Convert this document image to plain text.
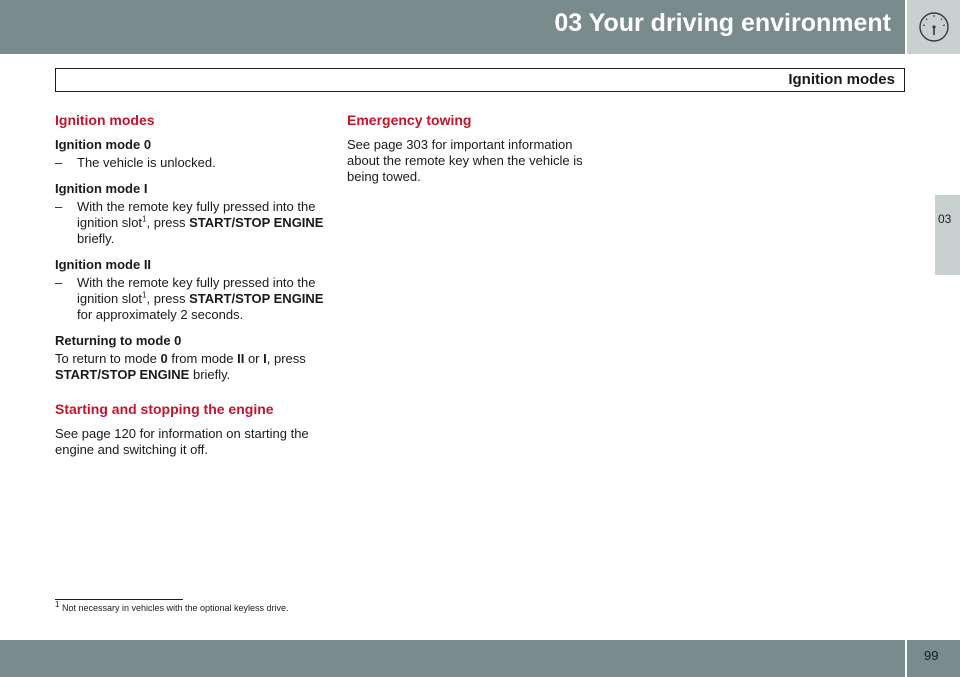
03 Your driving environment
Ignition modes
03
Ignition modes
Ignition mode 0

– The vehicle is unlocked.

Ignition mode I

– With the remote key fully pressed into the ignition slot$^1$, press START/STOP ENGINE briefly.

Ignition mode II

– With the remote key fully pressed into the ignition slot$^1$, press START/STOP ENGINE for approximately 2 seconds.

Returning to mode 0

To return to mode 0 from mode II or I, press START/STOP ENGINE briefly.

Starting and stopping the engine

See page 120 for information on starting the engine and switching it off.

Emergency towing

See page 303 for important information about the remote key when the vehicle is being towed.

$^1$ Not necessary in vehicles with the optional keyless drive.
99
